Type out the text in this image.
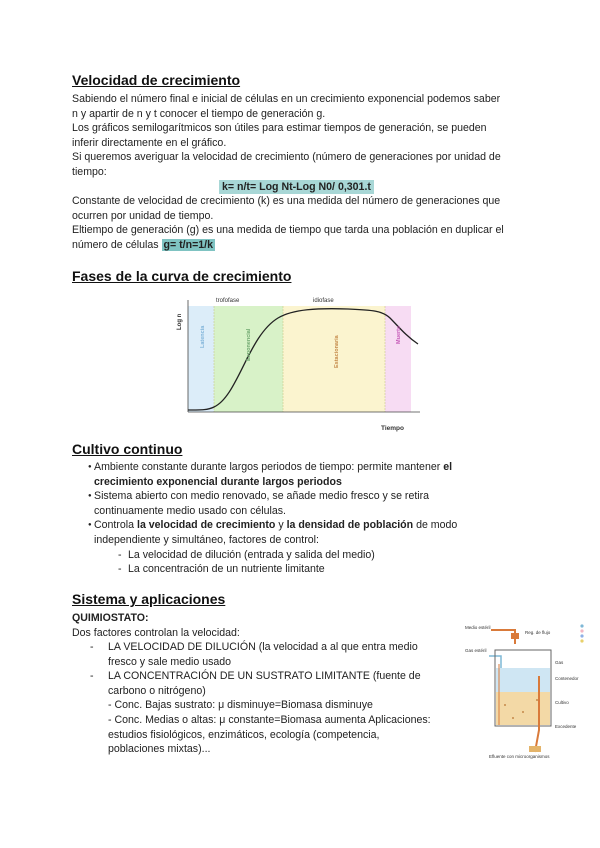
Velocidad de crecimiento

Sabiendo el número final e inicial de células en un crecimiento exponencial podemos saber

n y apartir de n y t conocer el tiempo de generación g.

Los gráficos semilogarítmicos son útiles para estimar tiempos de generación, se pueden

inferir directamente en el gráfico.

Si queremos averiguar la velocidad de crecimiento (número de generaciones por unidad de

tiempo:

k= n/t= Log Nt-Log N0/ 0,301.t

Constante de velocidad de crecimiento (k) es una medida del número de generaciones que

ocurren por unidad de tiempo.

Eltiempo de generación (g) es una medida de tiempo que tarda una población en duplicar el

número de células g= t/n=1/k

Fases de la curva de crecimiento
trofofase	idiofase
Log n
Tiempo
Latencia	Exponencial	Estacionaria
Muerte
Cultivo continuo
● Ambiente constante durante largos periodos de tiempo: permite mantener el
crecimiento exponencial durante largos periodos
● Sistema abierto con medio renovado, se añade medio fresco y se retira
continuamente medio usado con células.
● Controla la velocidad de crecimiento y la densidad de población de modo
independiente y simultáneo, factores de control:
- La velocidad de dilución (entrada y salida del medio)
- La concentración de un nutriente limitante
Sistema y aplicaciones

QUIMIOSTATO:

Dos factores controlan la velocidad:

- LA VELOCIDAD DE DILUCIÓN (la velocidad a al que entra medio
fresco y sale medio usado
- LA CONCENTRACIÓN DE UN SUSTRATO LIMITANTE (fuente de
carbono o nitrógeno)
- Conc. Bajas sustrato: μ disminuye=Biomasa disminuye
- Conc. Medias o altas: μ constante=Biomasa aumenta Aplicaciones:
estudios fisiológicos, enzimáticos, ecología (competencia,
poblaciones mixtas)...
Medio estéril
Reg. de flujo
Gas estéril
Gas
Contenedor
Cultivo
Excedente
Efluente con microorganismos
